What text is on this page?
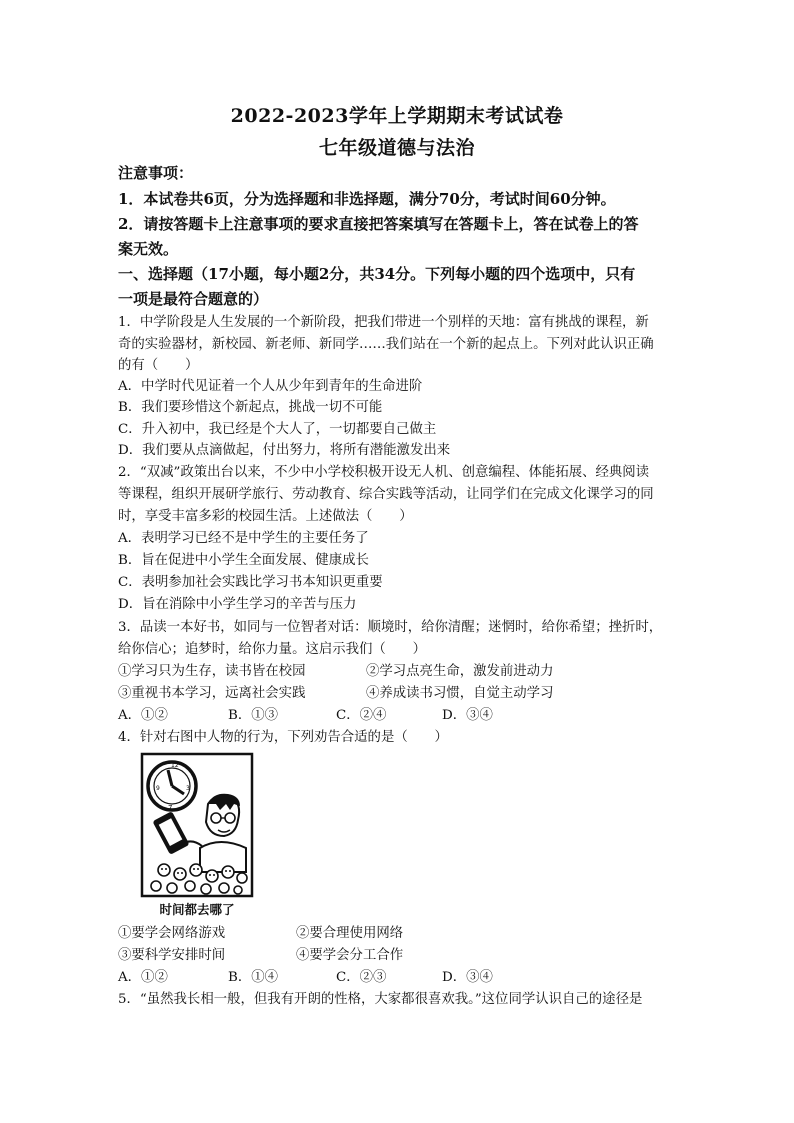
2022-2023学年上学期期末考试试卷
七年级道德与法治
注意事项：
1．本试卷共6页，分为选择题和非选择题，满分70分，考试时间60分钟。
2．请按答题卡上注意事项的要求直接把答案填写在答题卡上，答在试卷上的答
案无效。
一、选择题（17小题，每小题2分，共34分。下列每小题的四个选项中，只有
一项是最符合题意的）
1．中学阶段是人生发展的一个新阶段，把我们带进一个别样的天地：富有挑战的课程，新
奇的实验器材，新校园、新老师、新同学……我们站在一个新的起点上。下列对此认识正确
的有（　　）
A．中学时代见证着一个人从少年到青年的生命进阶
B．我们要珍惜这个新起点，挑战一切不可能
C．升入初中，我已经是个大人了，一切都要自己做主
D．我们要从点滴做起，付出努力，将所有潜能激发出来
2．“双减”政策出台以来，不少中小学校积极开设无人机、创意编程、体能拓展、经典阅读
等课程，组织开展研学旅行、劳动教育、综合实践等活动，让同学们在完成文化课学习的同
时，享受丰富多彩的校园生活。上述做法（　　）
A．表明学习已经不是中学生的主要任务了
B．旨在促进中小学生全面发展、健康成长
C．表明参加社会实践比学习书本知识更重要
D．旨在消除中小学生学习的辛苦与压力
3．品读一本好书，如同与一位智者对话：顺境时，给你清醒；迷惘时，给你希望；挫折时，
给你信心；追梦时，给你力量。这启示我们（　　）
①学习只为生存，读书皆在校园	②学习点亮生命，激发前进动力
③重视书本学习，远离社会实践	④养成读书习惯，自觉主动学习
A．①②	B．①③	C．②④	D．③④
4．针对右图中人物的行为，下列劝告合适的是（　　）
12
9	3
7
时间都去哪了
①要学会网络游戏	②要合理使用网络
③要科学安排时间	④要学会分工合作
A．①②	B．①④	C．②③	D．③④
5．“虽然我长相一般，但我有开朗的性格，大家都很喜欢我。”这位同学认识自己的途径是
